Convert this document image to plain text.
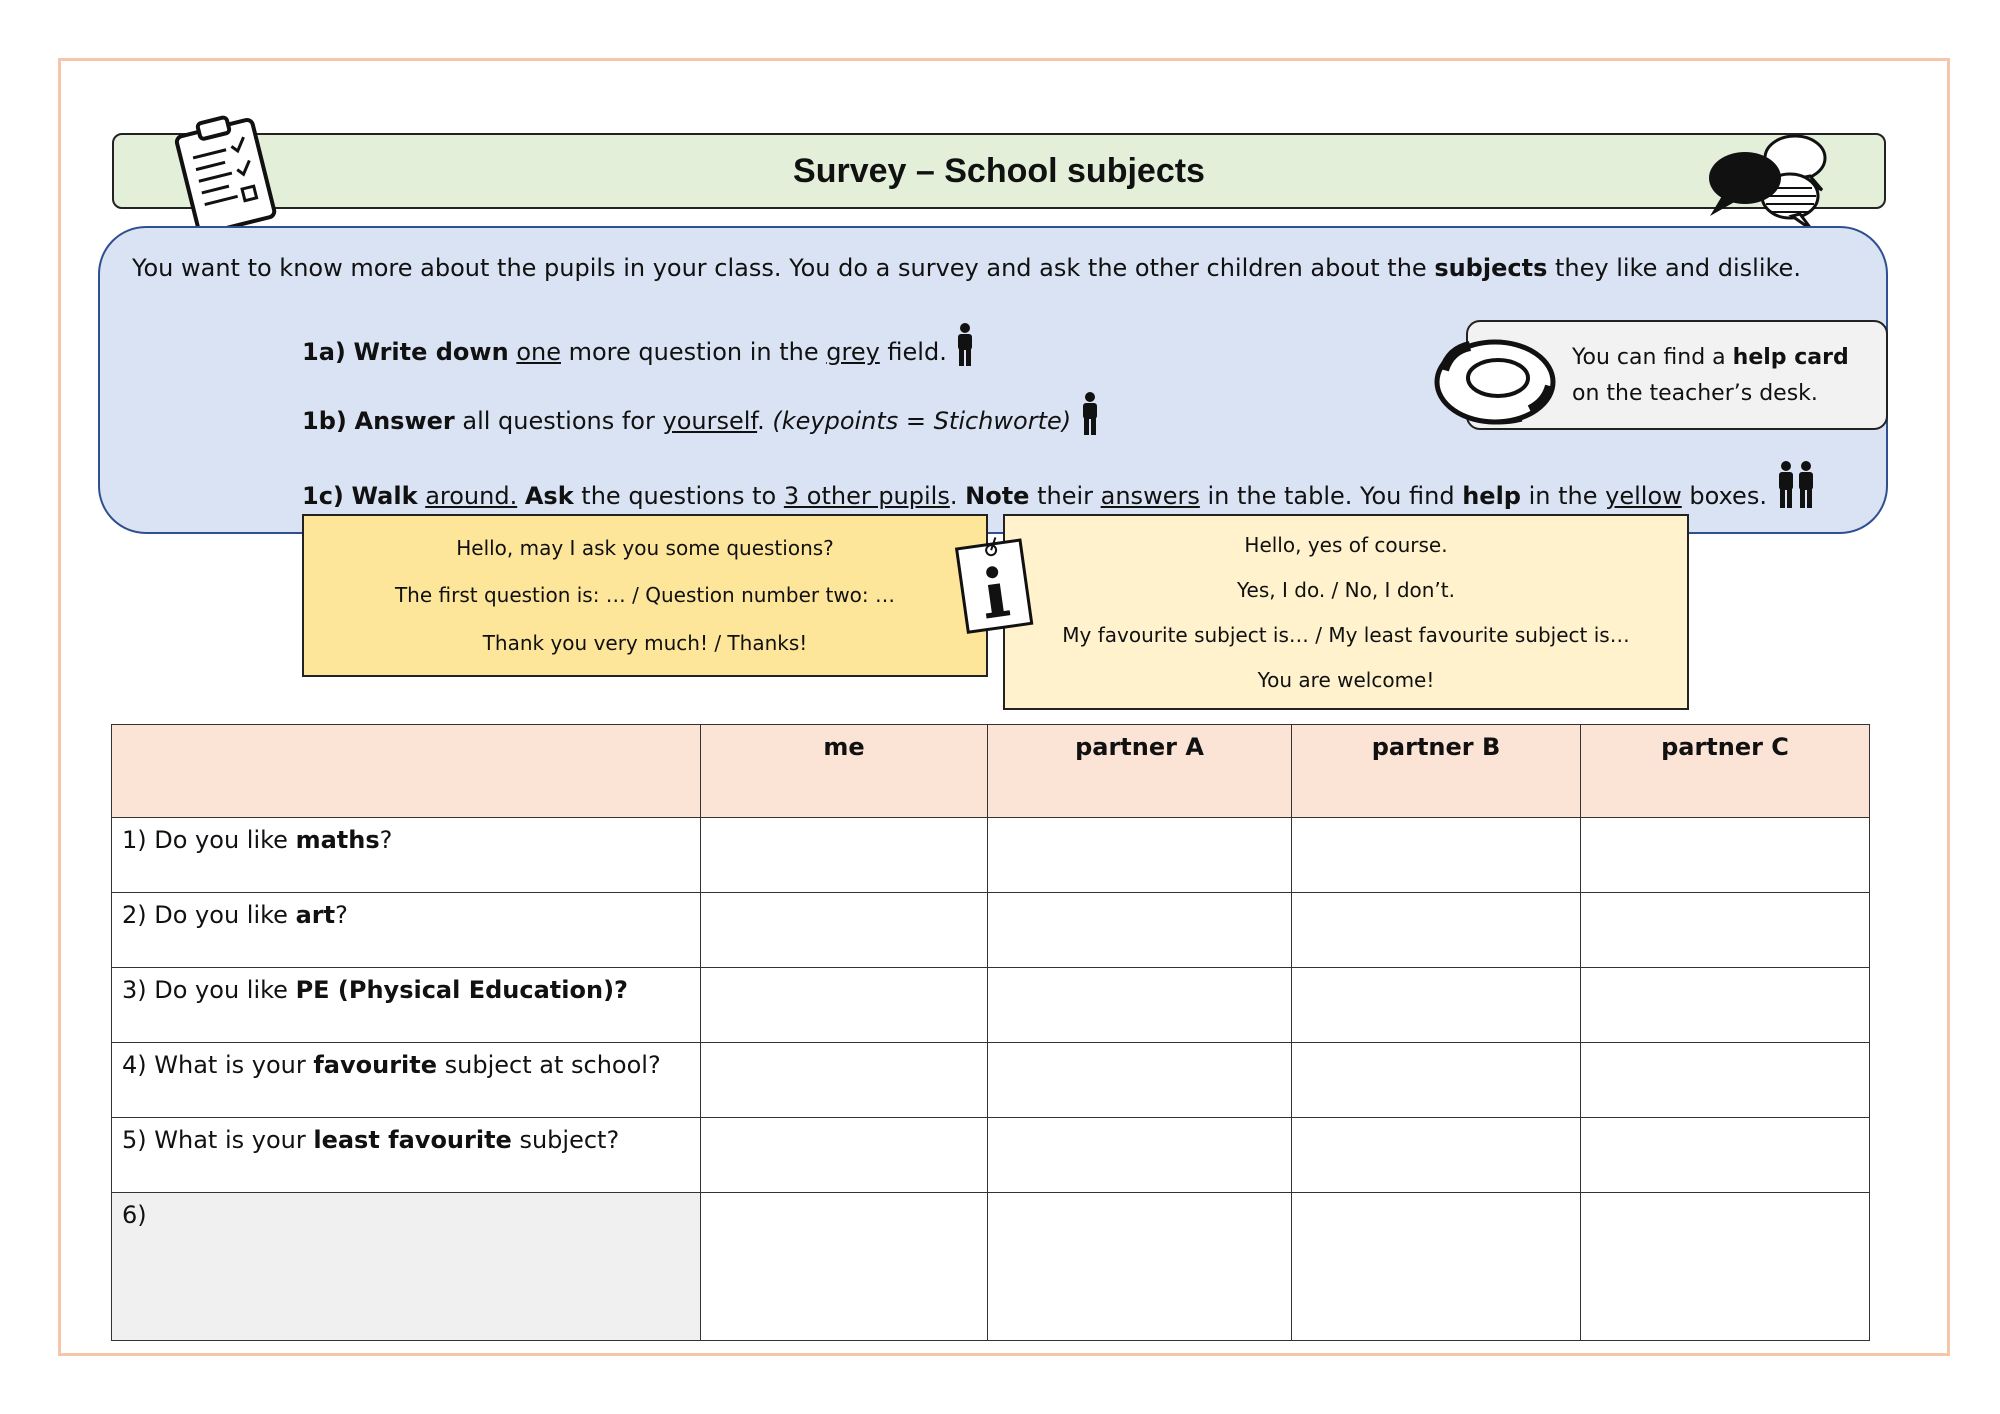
Survey – School subjects
You want to know more about the pupils in your class. You do a survey and ask the other children about the subjects they like and dislike.
1a) Write down one more question in the grey field.
1b) Answer all questions for yourself. (keypoints = Stichworte)
1c) Walk around. Ask the questions to 3 other pupils. Note their answers in the table. You find help in the yellow boxes.
You can find a help card
on the teacher’s desk.
Hello, may I ask you some questions?
The first question is: … / Question number two: …
Thank you very much! / Thanks!
Hello, yes of course.
Yes, I do. / No, I don’t.
My favourite subject is… / My least favourite subject is…
You are welcome!
	me	partner A	partner B	partner C
1) Do you like maths?				
2) Do you like art?				
3) Do you like PE (Physical Education)?				
4) What is your favourite subject at school?				
5) What is your least favourite subject?				
6)				
